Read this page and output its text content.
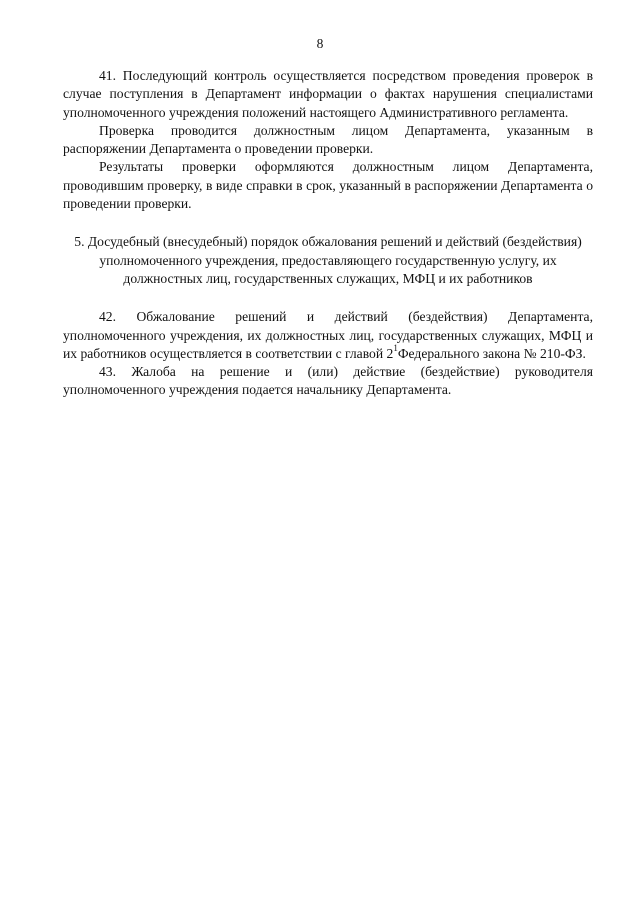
8

41. Последующий контроль осуществляется посредством проведения проверок в случае поступления в Департамент информации о фактах нарушения специалистами уполномоченного учреждения положений настоящего Административного регламента.

Проверка проводится должностным лицом Департамента, указанным в распоряжении Департамента о проведении проверки.

Результаты проверки оформляются должностным лицом Департамента, проводившим проверку, в виде справки в срок, указанный в распоряжении Департамента о проведении проверки.

5. Досудебный (внесудебный) порядок обжалования решений и действий (бездействия) уполномоченного учреждения, предоставляющего государственную услугу, их должностных лиц, государственных служащих, МФЦ и их работников

42. Обжалование решений и действий (бездействия) Департамента, уполномоченного учреждения, их должностных лиц, государственных служащих, МФЦ и их работников осуществляется в соответствии с главой $2^1Федерального$ закона № 210-ФЗ.

43. Жалоба на решение и (или) действие (бездействие) руководителя уполномоченного учреждения подается начальнику Департамента.
